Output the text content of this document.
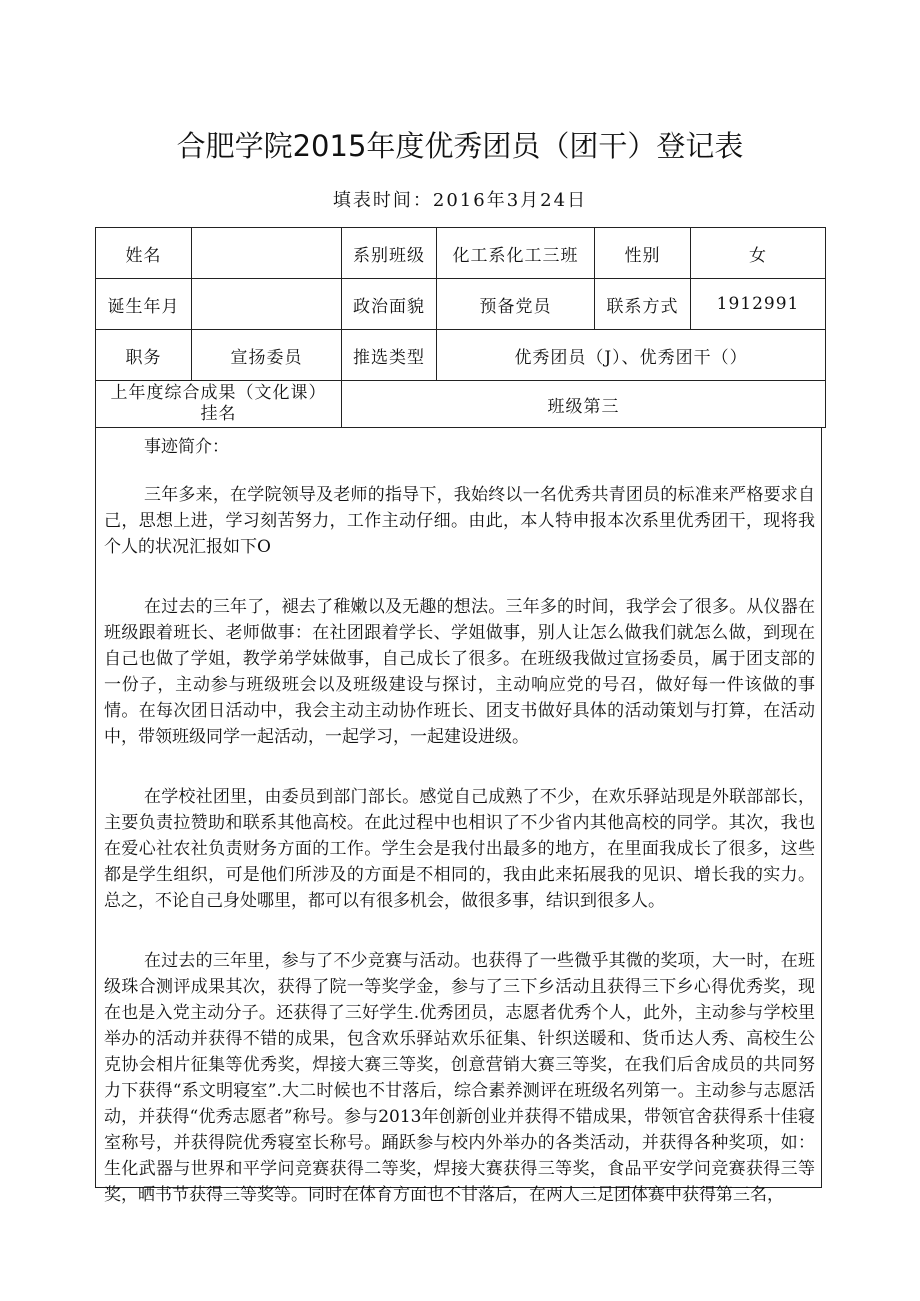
合肥学院2015年度优秀团员（团干）登记表
填表时间：2016年3月24日
姓名		系别班级	化工系化工三班	性别	女
诞生年月		政治面貌	预备党员	联系方式	1912991
职务	宣扬委员	推选类型	优秀团员（J）、优秀团干（）		
上年度综合成果（文化课）挂名		班级第三			
事迹简介：

三年多来，在学院领导及老师的指导下，我始终以一名优秀共青团员的标准来严格要求自己，思想上进，学习刻苦努力，工作主动仔细。由此，本人特申报本次系里优秀团干，现将我个人的状况汇报如下O

在过去的三年了，褪去了稚嫩以及无趣的想法。三年多的时间，我学会了很多。从仪器在班级跟着班长、老师做事：在社团跟着学长、学姐做事，别人让怎么做我们就怎么做，到现在自己也做了学姐，教学弟学妹做事，自己成长了很多。在班级我做过宣扬委员，属于团支部的一份子，主动参与班级班会以及班级建设与探讨，主动响应党的号召，做好每一件该做的事情。在每次团日活动中，我会主动主动协作班长、团支书做好具体的活动策划与打算，在活动中，带领班级同学一起活动，一起学习，一起建设进级。

在学校社团里，由委员到部门部长。感觉自己成熟了不少，在欢乐驿站现是外联部部长，主要负责拉赞助和联系其他高校。在此过程中也相识了不少省内其他高校的同学。其次，我也在爱心社农社负责财务方面的工作。学生会是我付出最多的地方，在里面我成长了很多，这些都是学生组织，可是他们所涉及的方面是不相同的，我由此来拓展我的见识、增长我的实力。总之，不论自己身处哪里，都可以有很多机会，做很多事，结识到很多人。

在过去的三年里，参与了不少竞赛与活动。也获得了一些微乎其微的奖项，大一时，在班级珠合测评成果其次，获得了院一等奖学金，参与了三下乡活动且获得三下乡心得优秀奖，现在也是入党主动分子。还获得了三好学生.优秀团员，志愿者优秀个人，此外，主动参与学校里举办的活动并获得不错的成果，包含欢乐驿站欢乐征集、针织送暖和、货币达人秀、高校生公克协会相片征集等优秀奖，焊接大赛三等奖，创意营销大赛三等奖，在我们后舍成员的共同努力下获得“系文明寝室”.大二时候也不甘落后，综合素养测评在班级名列第一。主动参与志愿活动，并获得“优秀志愿者”称号。参与2013年创新创业并获得不错成果，带领官舍获得系十佳寝室称号，并获得院优秀寝室长称号。踊跃参与校内外举办的各类活动，并获得各种奖项，如：生化武器与世界和平学问竞赛获得二等奖，焊接大赛获得三等奖，食品平安学问竞赛获得三等奖，晒书节获得三等奖等。同时在体育方面也不甘落后，在两人三足团体赛中获得第三名，
